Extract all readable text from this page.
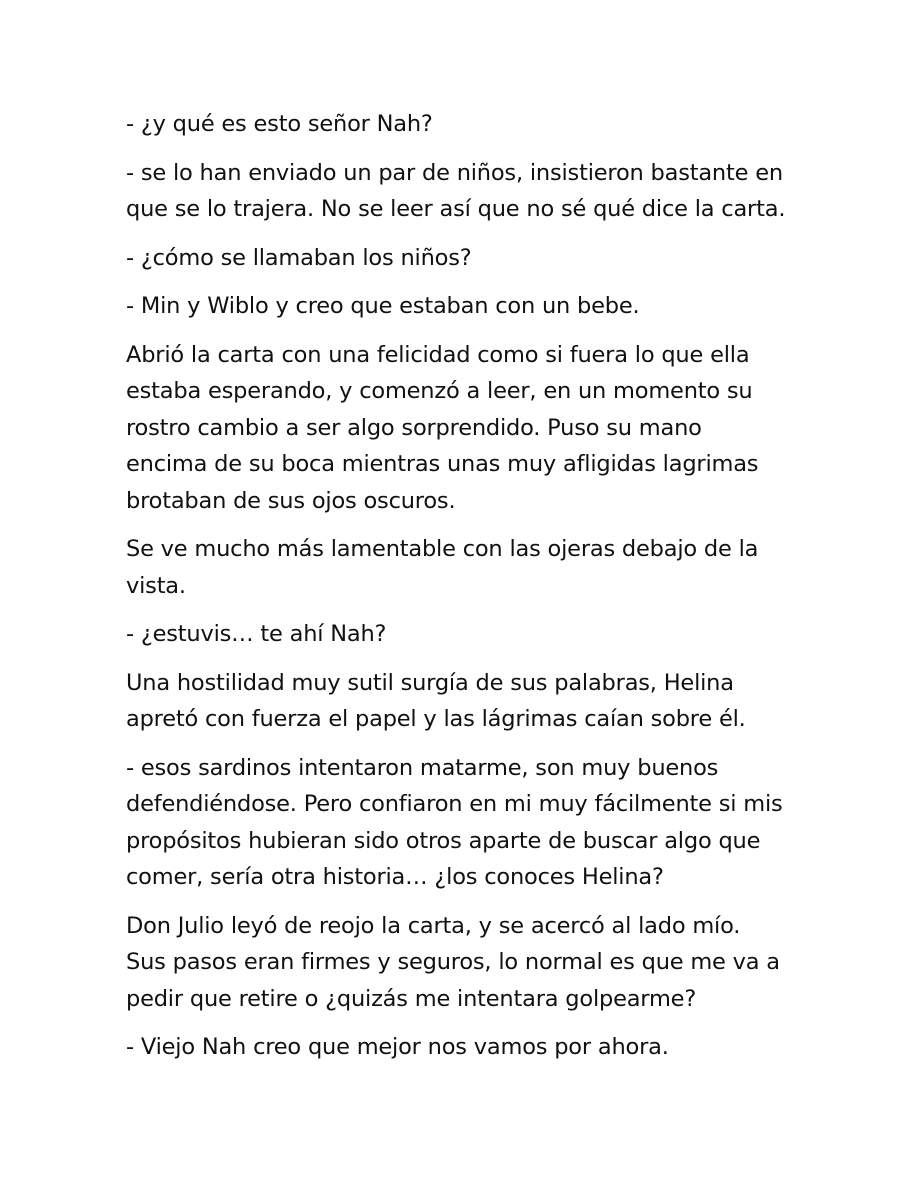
- ¿y qué es esto señor Nah?

- se lo han enviado un par de niños, insistieron bastante en que se lo trajera. No se leer así que no sé qué dice la carta.

- ¿cómo se llamaban los niños?

- Min y Wiblo y creo que estaban con un bebe.

Abrió la carta con una felicidad como si fuera lo que ella estaba esperando, y comenzó a leer, en un momento su rostro cambio a ser algo sorprendido. Puso su mano encima de su boca mientras unas muy afligidas lagrimas brotaban de sus ojos oscuros.

Se ve mucho más lamentable con las ojeras debajo de la vista.

- ¿estuvis… te ahí Nah?

Una hostilidad muy sutil surgía de sus palabras, Helina apretó con fuerza el papel y las lágrimas caían sobre él.

- esos sardinos intentaron matarme, son muy buenos defendiéndose. Pero confiaron en mi muy fácilmente si mis propósitos hubieran sido otros aparte de buscar algo que comer, sería otra historia… ¿los conoces Helina?

Don Julio leyó de reojo la carta, y se acercó al lado mío. Sus pasos eran firmes y seguros, lo normal es que me va a pedir que retire o ¿quizás me intentara golpearme?

- Viejo Nah creo que mejor nos vamos por ahora.
